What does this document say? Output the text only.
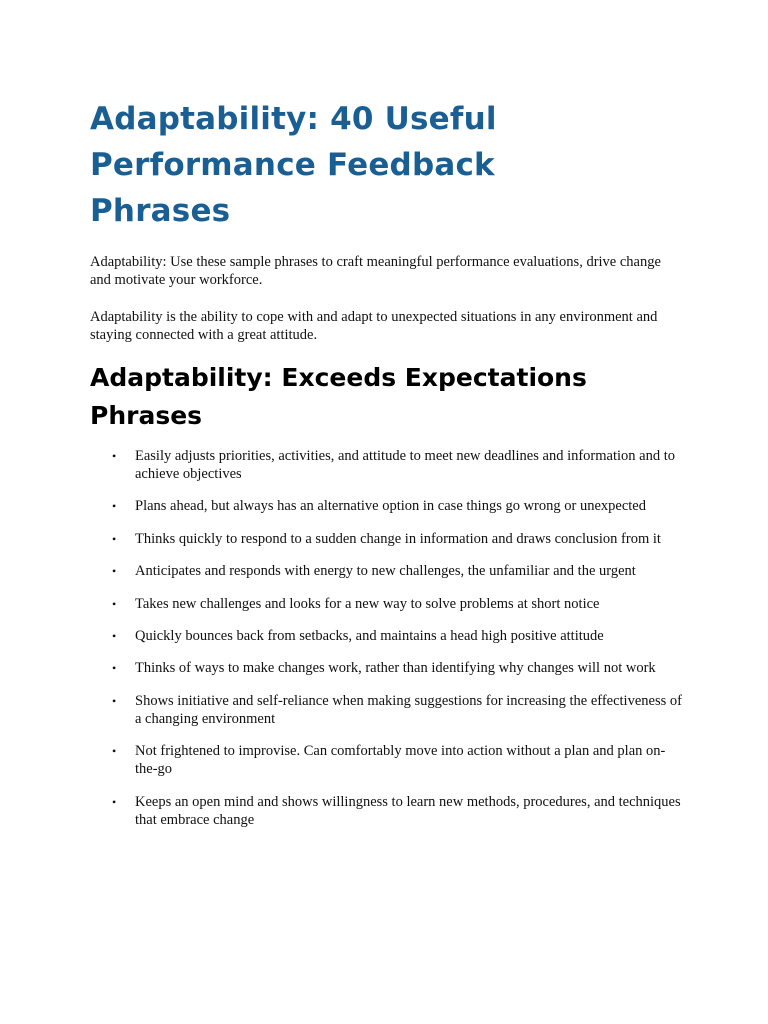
Adaptability: 40 Useful Performance Feedback Phrases

Adaptability: Use these sample phrases to craft meaningful performance evaluations, drive change and motivate your workforce.

Adaptability is the ability to cope with and adapt to unexpected situations in any environment and staying connected with a great attitude.

Adaptability: Exceeds Expectations Phrases
• Easily adjusts priorities, activities, and attitude to meet new deadlines and information and to achieve objectives
• Plans ahead, but always has an alternative option in case things go wrong or unexpected
• Thinks quickly to respond to a sudden change in information and draws conclusion from it
• Anticipates and responds with energy to new challenges, the unfamiliar and the urgent
• Takes new challenges and looks for a new way to solve problems at short notice
• Quickly bounces back from setbacks, and maintains a head high positive attitude
• Thinks of ways to make changes work, rather than identifying why changes will not work
• Shows initiative and self-reliance when making suggestions for increasing the effectiveness of a changing environment
• Not frightened to improvise. Can comfortably move into action without a plan and plan on-the-go
• Keeps an open mind and shows willingness to learn new methods, procedures, and techniques that embrace change
